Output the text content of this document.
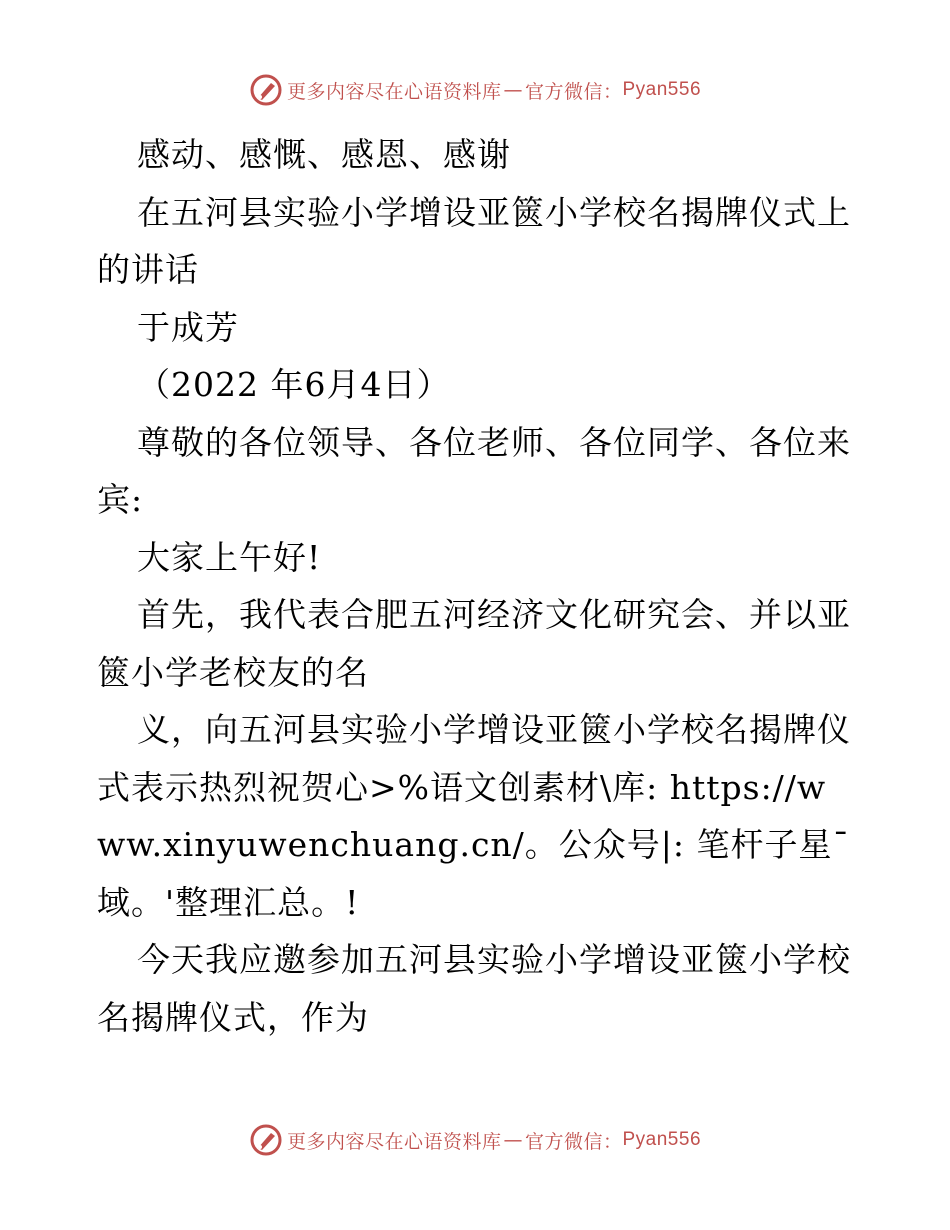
更多内容尽在心语资料库 — 官方微信： Pyan556

感动、感慨、感恩、感谢

在五河县实验小学增设亚篋小学校名揭牌仪式上的讲话

于成芳

（2022 年6月4日）

尊敬的各位领导、各位老师、各位同学、各位来宾:

大家上午好!

首先，我代表合肥五河经济文化研究会、并以亚篋小学老校友的名

义，向五河县实验小学增设亚篋小学校名揭牌仪式表示热烈祝贺心>%语文创素材\库: https://www.xinyuwenchuang.cn/。公众号|: 笔杆子星¯域。'整理汇总。!

今天我应邀参加五河县实验小学增设亚篋小学校名揭牌仪式，作为

更多内容尽在心语资料库 — 官方微信： Pyan556
